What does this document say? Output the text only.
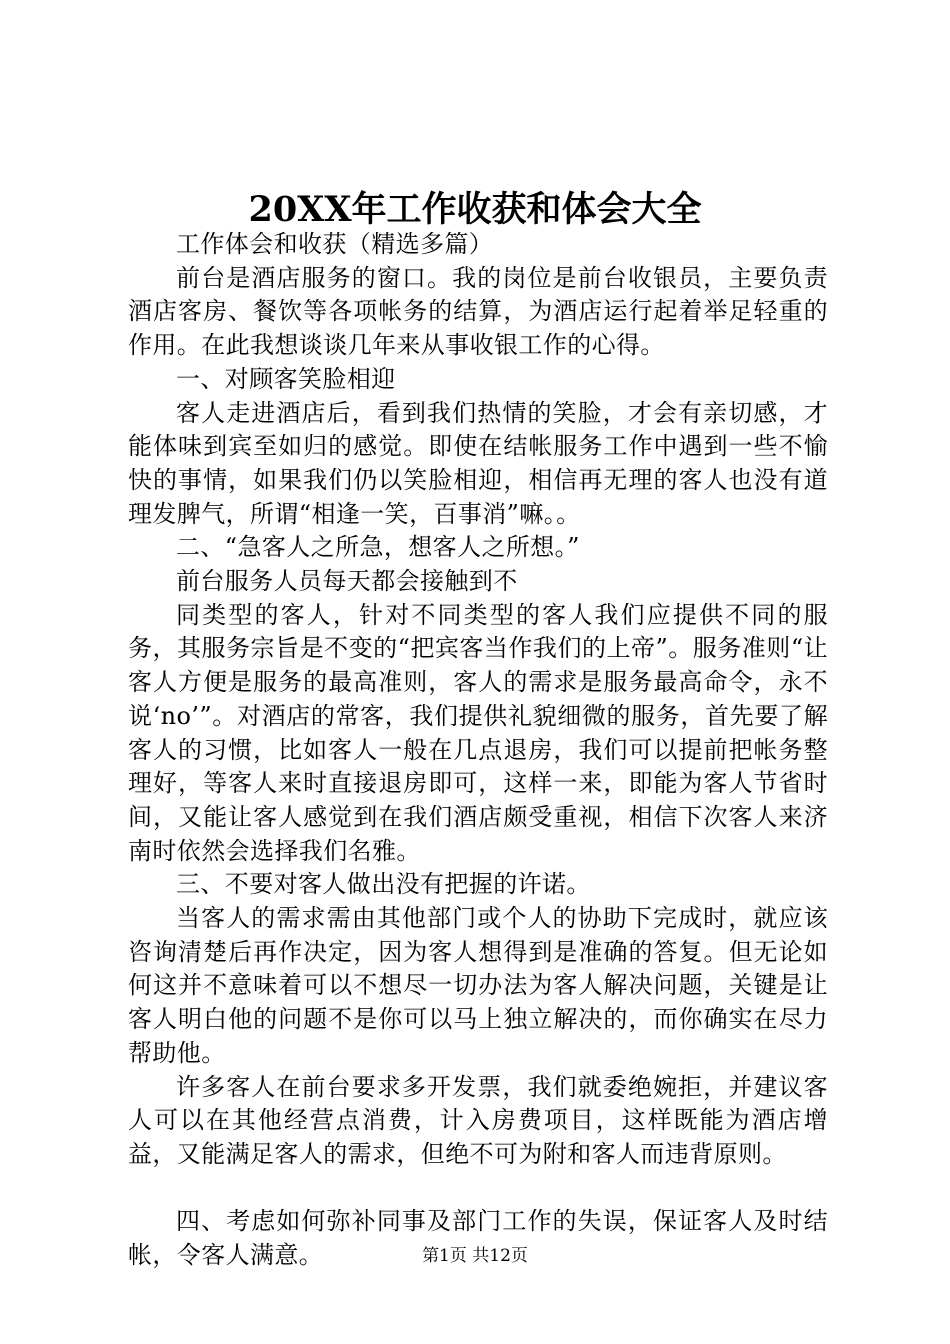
20XX年工作收获和体会大全

工作体会和收获（精选多篇）

前台是酒店服务的窗口。我的岗位是前台收银员，主要负责酒店客房、餐饮等各项帐务的结算，为酒店运行起着举足轻重的作用。在此我想谈谈几年来从事收银工作的心得。

一、对顾客笑脸相迎

客人走进酒店后，看到我们热情的笑脸，才会有亲切感，才能体味到宾至如归的感觉。即使在结帐服务工作中遇到一些不愉快的事情，如果我们仍以笑脸相迎，相信再无理的客人也没有道理发脾气，所谓“相逢一笑，百事消”嘛。。

二、“急客人之所急，想客人之所想。”

前台服务人员每天都会接触到不

同类型的客人，针对不同类型的客人我们应提供不同的服务，其服务宗旨是不变的“把宾客当作我们的上帝”。服务准则“让客人方便是服务的最高准则，客人的需求是服务最高命令，永不说‘no’”。对酒店的常客，我们提供礼貌细微的服务，首先要了解客人的习惯，比如客人一般在几点退房，我们可以提前把帐务整理好，等客人来时直接退房即可，这样一来，即能为客人节省时间，又能让客人感觉到在我们酒店颇受重视，相信下次客人来济南时依然会选择我们名雅。

三、不要对客人做出没有把握的许诺。

当客人的需求需由其他部门或个人的协助下完成时，就应该咨询清楚后再作决定，因为客人想得到是准确的答复。但无论如何这并不意味着可以不想尽一切办法为客人解决问题，关键是让客人明白他的问题不是你可以马上独立解决的，而你确实在尽力帮助他。

许多客人在前台要求多开发票，我们就委绝婉拒，并建议客人可以在其他经营点消费，计入房费项目，这样既能为酒店增益，又能满足客人的需求，但绝不可为附和客人而违背原则。

四、考虑如何弥补同事及部门工作的失误，保证客人及时结帐，令客人满意。	第1页 共12页
